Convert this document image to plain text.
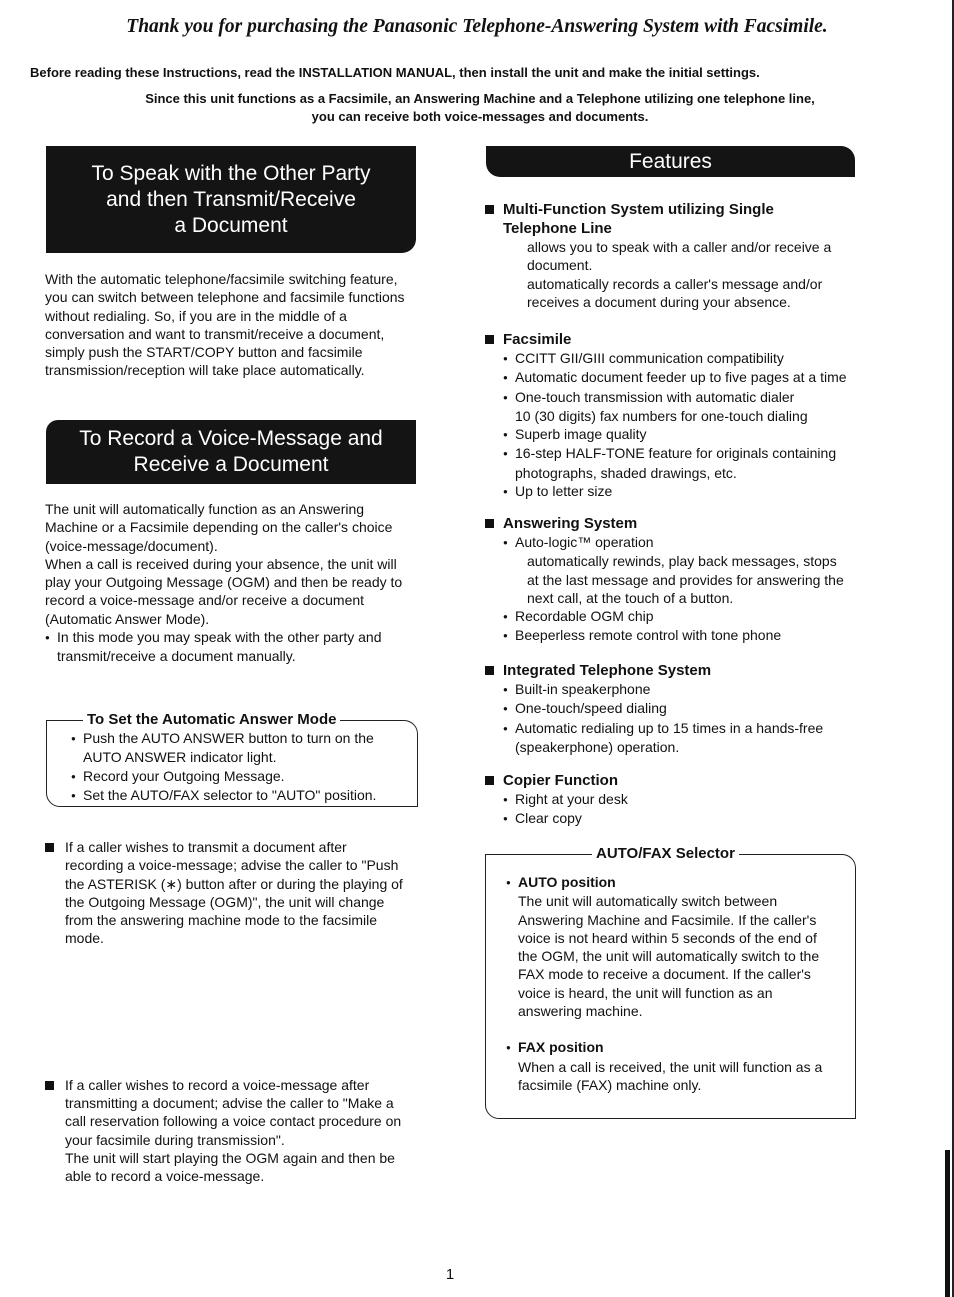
Thank you for purchasing the Panasonic Telephone-Answering System with Facsimile.
Before reading these Instructions, read the INSTALLATION MANUAL, then install the unit and make the initial settings.
Since this unit functions as a Facsimile, an Answering Machine and a Telephone utilizing one telephone line,
you can receive both voice-messages and documents.
To Speak with the Other Party
and then Transmit/Receive
a Document

With the automatic telephone/facsimile switching feature,

you can switch between telephone and facsimile functions

without redialing. So, if you are in the middle of a

conversation and want to transmit/receive a document,

simply push the START/COPY button and facsimile

transmission/reception will take place automatically.

To Record a Voice-Message and
Receive a Document

The unit will automatically function as an Answering

Machine or a Facsimile depending on the caller's choice

(voice-message/document).

When a call is received during your absence, the unit will

play your Outgoing Message (OGM) and then be ready to

record a voice-message and/or receive a document

(Automatic Answer Mode).

● In this mode you may speak with the other party and
transmit/receive a document manually.
To Set the Automatic Answer Mode
● Push the AUTO ANSWER button to turn on the
AUTO ANSWER indicator light.
● Record your Outgoing Message.
● Set the AUTO/FAX selector to "AUTO" position.

If a caller wishes to transmit a document after

recording a voice-message; advise the caller to "Push

the ASTERISK (∗) button after or during the playing of

the Outgoing Message (OGM)", the unit will change

from the answering machine mode to the facsimile

mode.

If a caller wishes to record a voice-message after

transmitting a document; advise the caller to "Make a

call reservation following a voice contact procedure on

your facsimile during transmission".

The unit will start playing the OGM again and then be

able to record a voice-message.

Features
Multi-Function System utilizing Single
Telephone Line

allows you to speak with a caller and/or receive a

document.

automatically records a caller's message and/or

receives a document during your absence.

Facsimile
● CCITT GII/GIII communication compatibility
● Automatic document feeder up to five pages at a time
● One-touch transmission with automatic dialer
10 (30 digits) fax numbers for one-touch dialing
● Superb image quality
● 16-step HALF-TONE feature for originals containing
photographs, shaded drawings, etc.
● Up to letter size
Answering System
● Auto-logic™ operation

automatically rewinds, play back messages, stops

at the last message and provides for answering the

next call, at the touch of a button.

● Recordable OGM chip
● Beeperless remote control with tone phone
Integrated Telephone System
● Built-in speakerphone
● One-touch/speed dialing
● Automatic redialing up to 15 times in a hands-free
(speakerphone) operation.
Copier Function
● Right at your desk
● Clear copy
AUTO/FAX Selector
● AUTO position

The unit will automatically switch between

Answering Machine and Facsimile. If the caller's

voice is not heard within 5 seconds of the end of

the OGM, the unit will automatically switch to the

FAX mode to receive a document. If the caller's

voice is heard, the unit will function as an

answering machine.

● FAX position

When a call is received, the unit will function as a

facsimile (FAX) machine only.

1
